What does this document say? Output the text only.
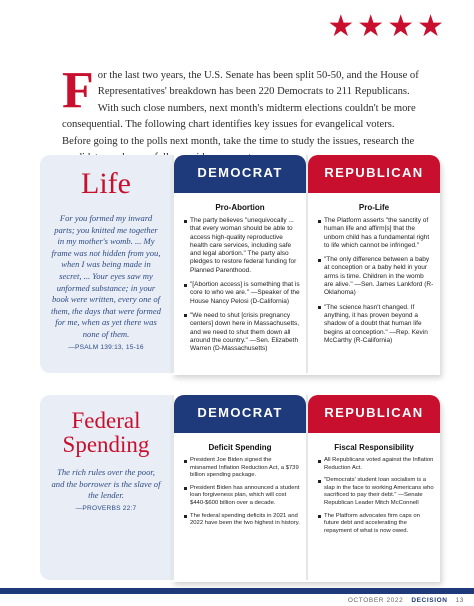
★ ★ ★ ★
F or the last two years, the U.S. Senate has been split 50-50, and the House of Representatives' breakdown has been 220 Democrats to 211 Republicans. With such close numbers, next month's midterm elections couldn't be more consequential. The following chart identifies key issues for evangelical voters. Before going to the polls next month, take the time to study the issues, research the
Life
For you formed my inward parts; you knitted me together in my mother's womb. ... My frame was not hidden from you, when I was being made in secret, ... Your eyes saw my unformed substance; in your book were written, every one of them, the days that were formed for me, when as yet there was none of them.
—PSALM 139:13, 15-16
DEMOCRAT
Pro-Abortion
The party believes "unequivocally ... that every woman should be able to access high-quality reproductive health care services, including safe and legal abortion." The party also pledges to restore federal funding for Planned Parenthood.
"[Abortion access] is something that is core to who we are." —Speaker of the House Nancy Pelosi (D-California)
"We need to shut [crisis pregnancy centers] down here in Massachusetts, and we need to shut them down all around the country." —Sen. Elizabeth Warren (D-Massachusetts)
REPUBLICAN
Pro-Life
The Platform asserts "the sanctity of human life and affirm[s] that the unborn child has a fundamental right to life which cannot be infringed."
"The only difference between a baby at conception or a baby held in your arms is time. Children in the womb are alive." —Sen. James Lankford (R-Oklahoma)
"The science hasn't changed. If anything, it has proven beyond a shadow of a doubt that human life begins at conception." —Rep. Kevin McCarthy (R-California)
Federal Spending
The rich rules over the poor, and the borrower is the slave of the lender.
—PROVERBS 22:7
DEMOCRAT
Deficit Spending
President Joe Biden signed the misnamed Inflation Reduction Act, a $739 billion spending package.
President Biden has announced a student loan forgiveness plan, which will cost $440-$600 billion over a decade.
The federal spending deficits in 2021 and 2022 have been the two highest in history.
REPUBLICAN
Fiscal Responsibility
All Republicans voted against the Inflation Reduction Act.
"Democrats' student loan socialism is a slap in the face to working Americans who sacrificed to pay their debt." —Senate Republican Leader Mitch McConnell
The Platform advocates firm caps on future debt and accelerating the repayment of what is now owed.
OCTOBER 2022 DECISION 13
